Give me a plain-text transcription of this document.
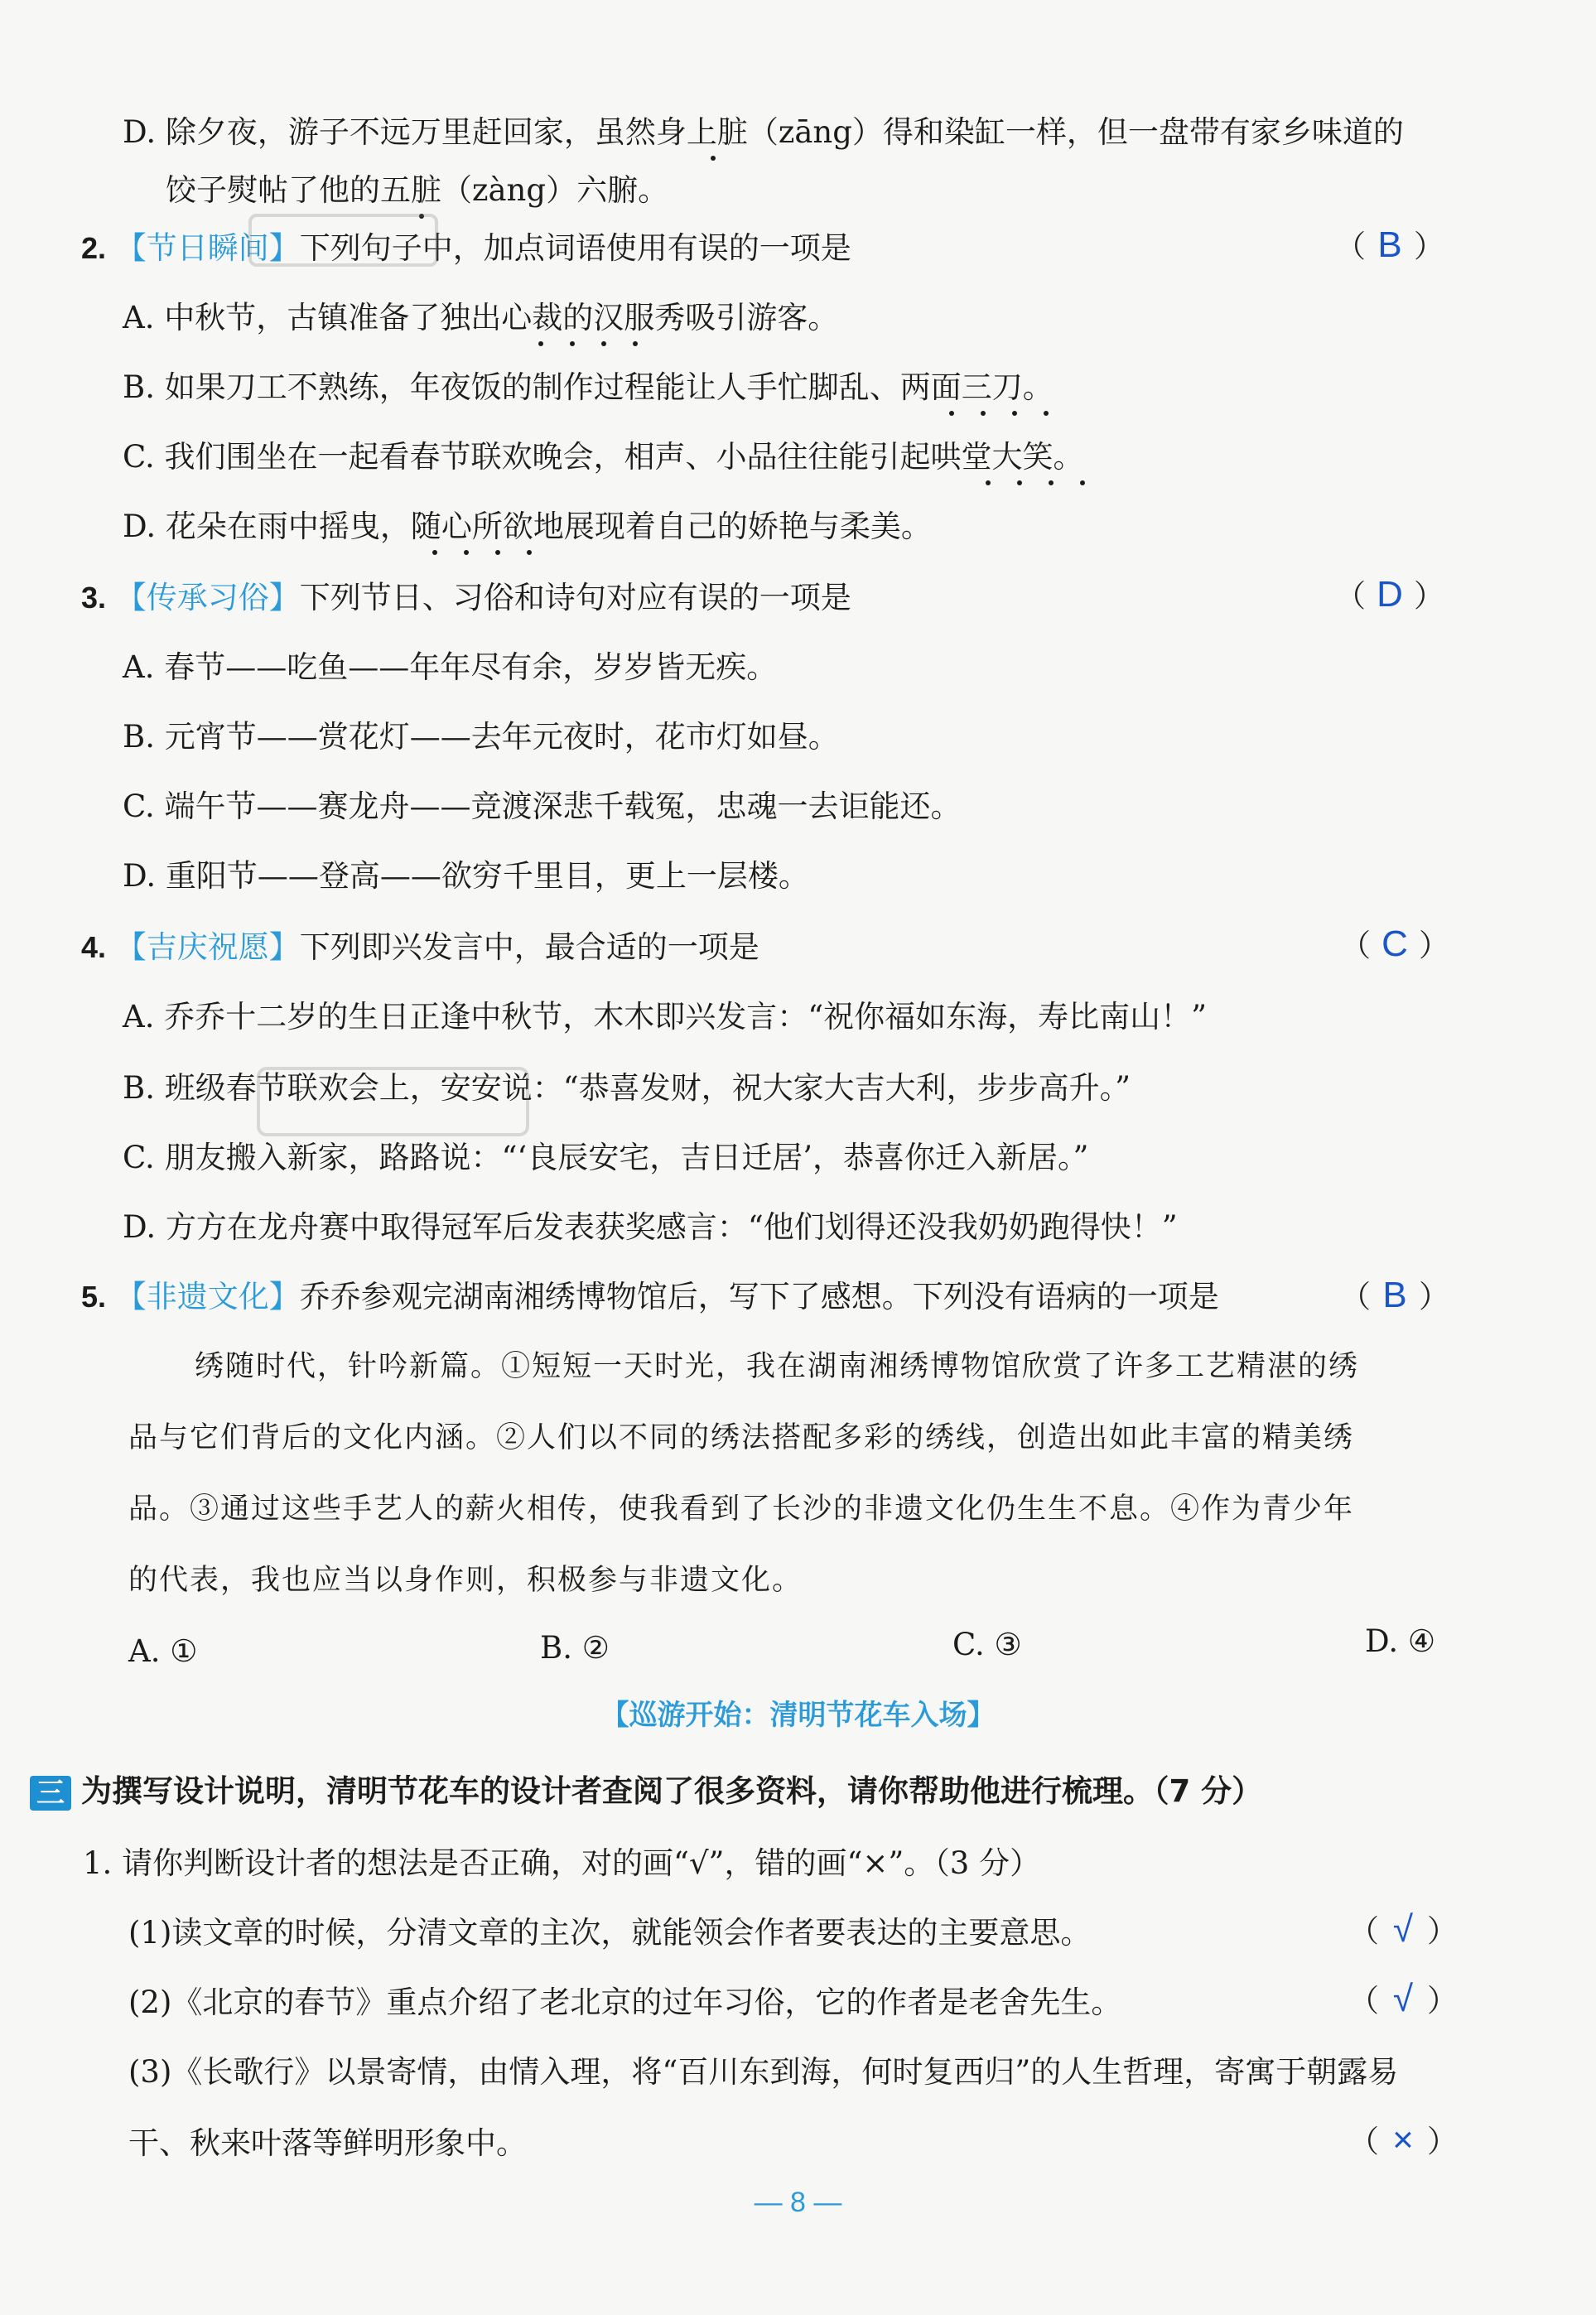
D. 除夕夜，游子不远万里赶回家，虽然身上脏（zāng）得和染缸一样，但一盘带有家乡味道的
饺子熨帖了他的五脏（zàng）六腑。
2. 【节日瞬间】下列句子中，加点词语使用有误的一项是	（ B ）
A. 中秋节，古镇准备了独出心裁的汉服秀吸引游客。
B. 如果刀工不熟练，年夜饭的制作过程能让人手忙脚乱、两面三刀。
C. 我们围坐在一起看春节联欢晚会，相声、小品往往能引起哄堂大笑。
D. 花朵在雨中摇曳，随心所欲地展现着自己的娇艳与柔美。
3. 【传承习俗】下列节日、习俗和诗句对应有误的一项是	（ D ）
A. 春节——吃鱼——年年尽有余，岁岁皆无疾。
B. 元宵节——赏花灯——去年元夜时，花市灯如昼。
C. 端午节——赛龙舟——竞渡深悲千载冤，忠魂一去讵能还。
D. 重阳节——登高——欲穷千里目，更上一层楼。
4. 【吉庆祝愿】下列即兴发言中，最合适的一项是	（ C ）
A. 乔乔十二岁的生日正逢中秋节，木木即兴发言：“祝你福如东海，寿比南山！”
B. 班级春节联欢会上，安安说：“恭喜发财，祝大家大吉大利，步步高升。”
C. 朋友搬入新家，路路说：“‘良辰安宅，吉日迁居’，恭喜你迁入新居。”
D. 方方在龙舟赛中取得冠军后发表获奖感言：“他们划得还没我奶奶跑得快！”
5. 【非遗文化】乔乔参观完湖南湘绣博物馆后，写下了感想。下列没有语病的一项是	（ B ）
绣随时代，针吟新篇。①短短一天时光，我在湖南湘绣博物馆欣赏了许多工艺精湛的绣
品与它们背后的文化内涵。②人们以不同的绣法搭配多彩的绣线，创造出如此丰富的精美绣
品。③通过这些手艺人的薪火相传，使我看到了长沙的非遗文化仍生生不息。④作为青少年
的代表，我也应当以身作则，积极参与非遗文化。
A. ①	B. ②	C. ③	D. ④
【巡游开始：清明节花车入场】
三 为撰写设计说明，清明节花车的设计者查阅了很多资料，请你帮助他进行梳理。（7 分）
1. 请你判断设计者的想法是否正确，对的画“√”，错的画“×”。（3 分）
(1)读文章的时候，分清文章的主次，就能领会作者要表达的主要意思。	（ √ ）
(2)《北京的春节》重点介绍了老北京的过年习俗，它的作者是老舍先生。	（ √ ）
(3)《长歌行》以景寄情，由情入理，将“百川东到海，何时复西归”的人生哲理，寄寓于朝露易
干、秋来叶落等鲜明形象中。	（ × ）
— 8 —
